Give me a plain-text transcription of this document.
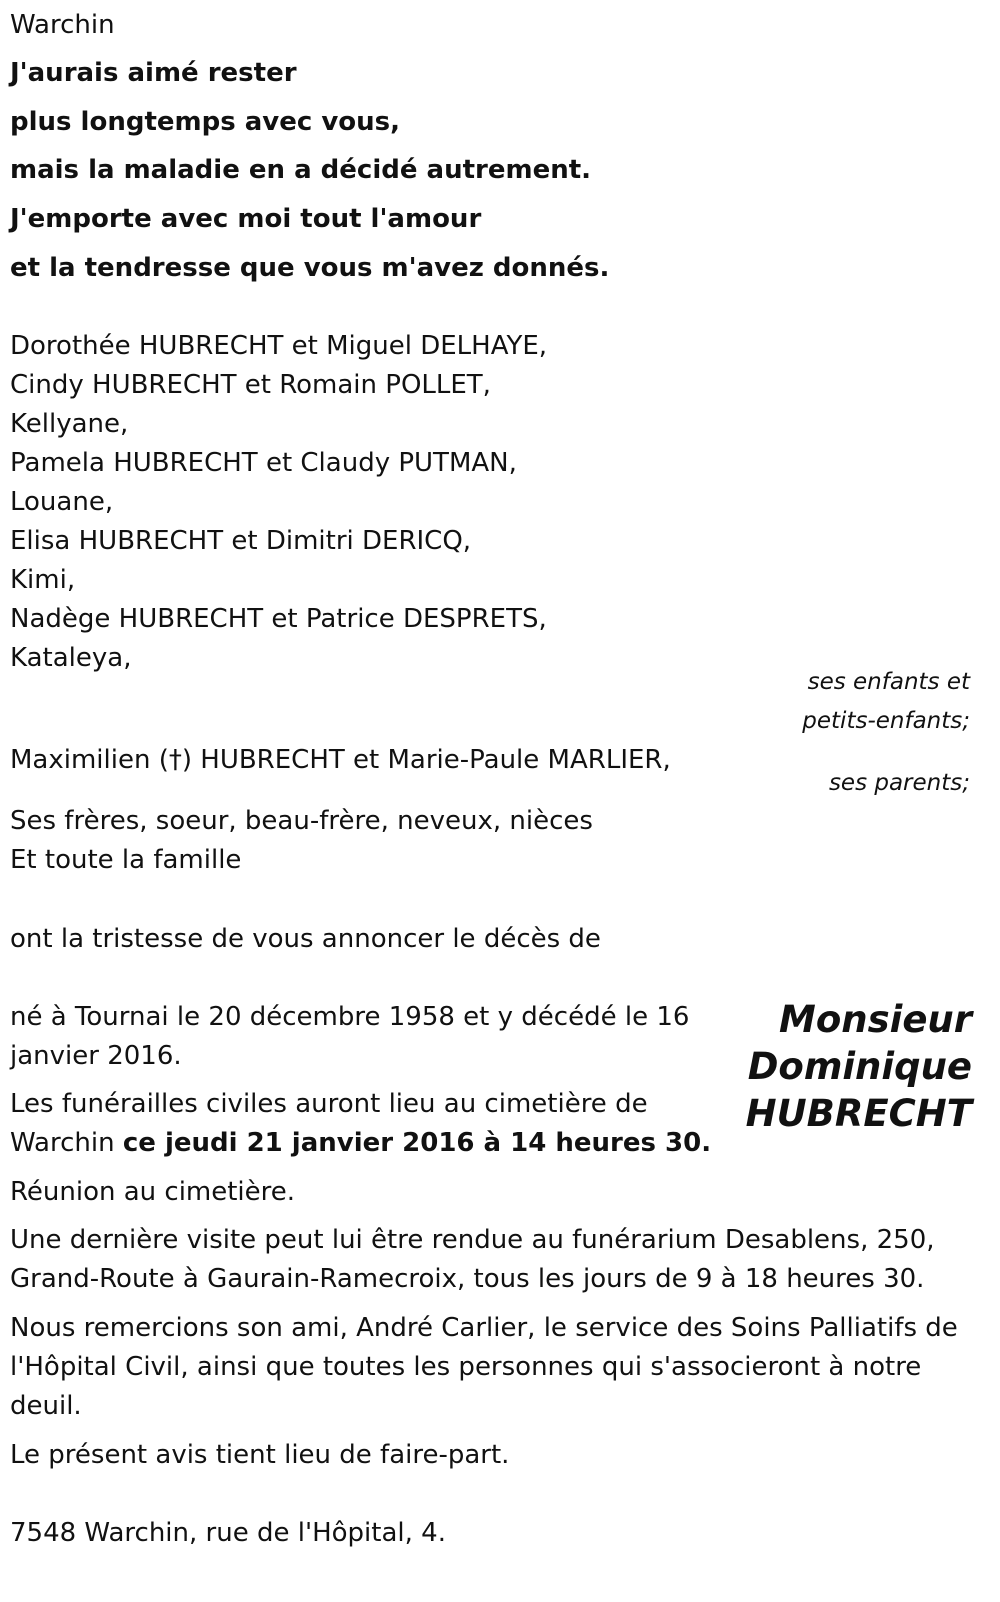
Warchin
J'aurais aimé rester
plus longtemps avec vous,
mais la maladie en a décidé autrement.
J'emporte avec moi tout l'amour
et la tendresse que vous m'avez donnés.
Dorothée HUBRECHT et Miguel DELHAYE,
Cindy HUBRECHT et Romain POLLET,
Kellyane,
Pamela HUBRECHT et Claudy PUTMAN,
Louane,
Elisa HUBRECHT et Dimitri DERICQ,
Kimi,
Nadège HUBRECHT et Patrice DESPRETS,
Kataleya,
ses enfants et
petits-enfants;
Maximilien (†) HUBRECHT et Marie-Paule MARLIER,
ses parents;
Ses frères, soeur, beau-frère, neveux, nièces
Et toute la famille
ont la tristesse de vous annoncer le décès de
Monsieur
Dominique
HUBRECHT
né à Tournai le 20 décembre 1958 et y décédé le 16
janvier 2016.
Les funérailles civiles auront lieu au cimetière de
Warchin ce jeudi 21 janvier 2016 à 14 heures 30.
Réunion au cimetière.
Une dernière visite peut lui être rendue au funérarium Desablens, 250,
Grand-Route à Gaurain-Ramecroix, tous les jours de 9 à 18 heures 30.
Nous remercions son ami, André Carlier, le service des Soins Palliatifs de
l'Hôpital Civil, ainsi que toutes les personnes qui s'associeront à notre
deuil.
Le présent avis tient lieu de faire-part.
7548 Warchin, rue de l'Hôpital, 4.
